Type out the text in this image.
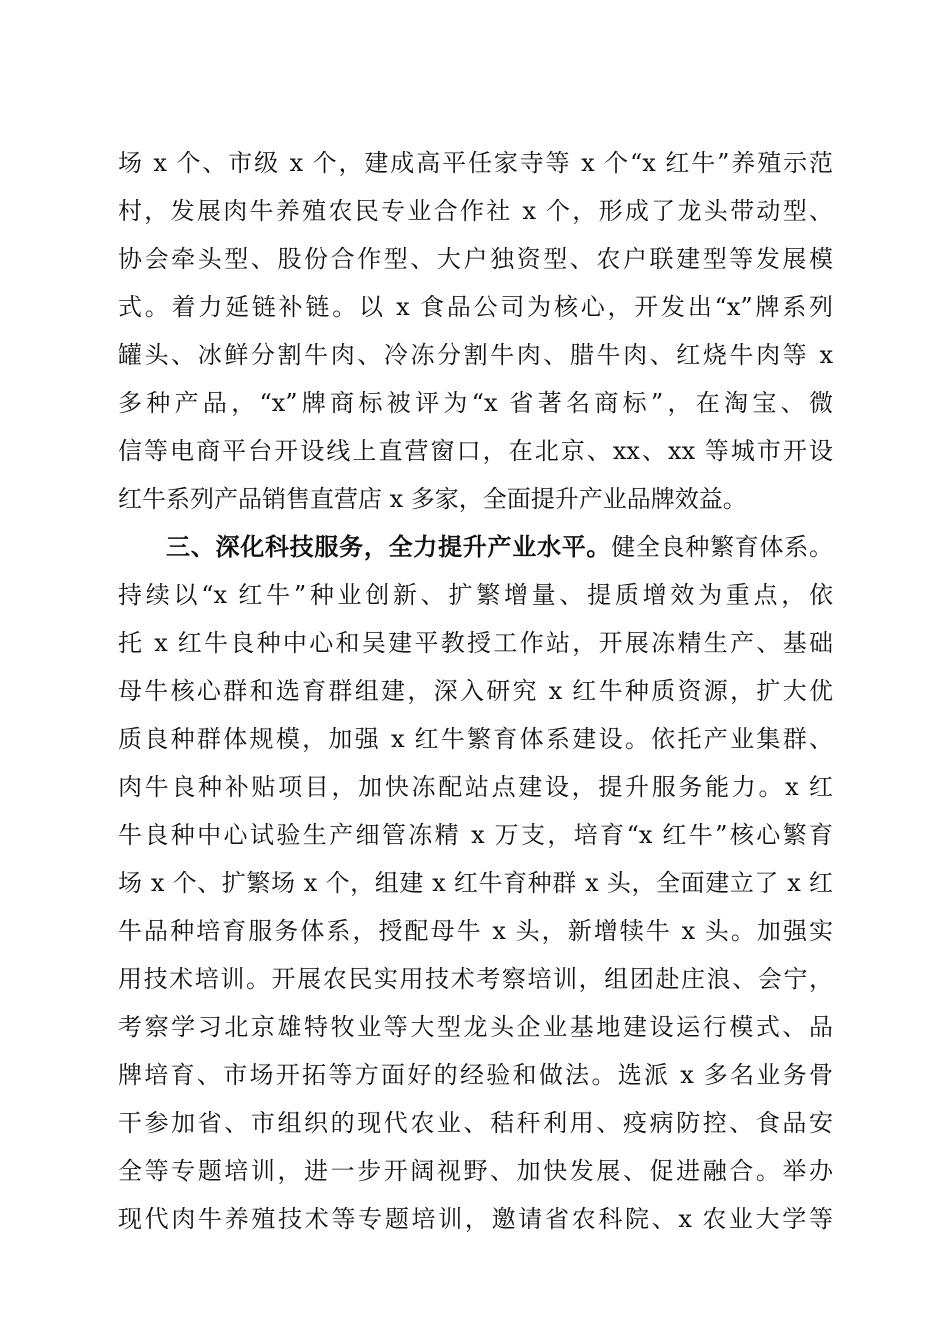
场 x 个、市级 x 个，建成高平任家寺等 x 个“x 红牛”养殖示范
村，发展肉牛养殖农民专业合作社 x 个，形成了龙头带动型、
协会牵头型、股份合作型、大户独资型、农户联建型等发展模
式。着力延链补链。以 x 食品公司为核心，开发出“x”牌系列
罐头、冰鲜分割牛肉、冷冻分割牛肉、腊牛肉、红烧牛肉等 x
多种产品，“x”牌商标被评为“x 省著名商标”，在淘宝、微
信等电商平台开设线上直营窗口，在北京、xx、xx 等城市开设
红牛系列产品销售直营店 x 多家，全面提升产业品牌效益。
三、深化科技服务，全力提升产业水平。健全良种繁育体系。
持续以“x 红牛”种业创新、扩繁增量、提质增效为重点，依
托 x 红牛良种中心和吴建平教授工作站，开展冻精生产、基础
母牛核心群和选育群组建，深入研究 x 红牛种质资源，扩大优
质良种群体规模，加强 x 红牛繁育体系建设。依托产业集群、
肉牛良种补贴项目，加快冻配站点建设，提升服务能力。x 红
牛良种中心试验生产细管冻精 x 万支，培育“x 红牛”核心繁育
场 x 个、扩繁场 x 个，组建 x 红牛育种群 x 头，全面建立了 x 红
牛品种培育服务体系，授配母牛 x 头，新增犊牛 x 头。加强实
用技术培训。开展农民实用技术考察培训，组团赴庄浪、会宁，
考察学习北京雄特牧业等大型龙头企业基地建设运行模式、品
牌培育、市场开拓等方面好的经验和做法。选派 x 多名业务骨
干参加省、市组织的现代农业、秸秆利用、疫病防控、食品安
全等专题培训，进一步开阔视野、加快发展、促进融合。举办
现代肉牛养殖技术等专题培训，邀请省农科院、x 农业大学等
